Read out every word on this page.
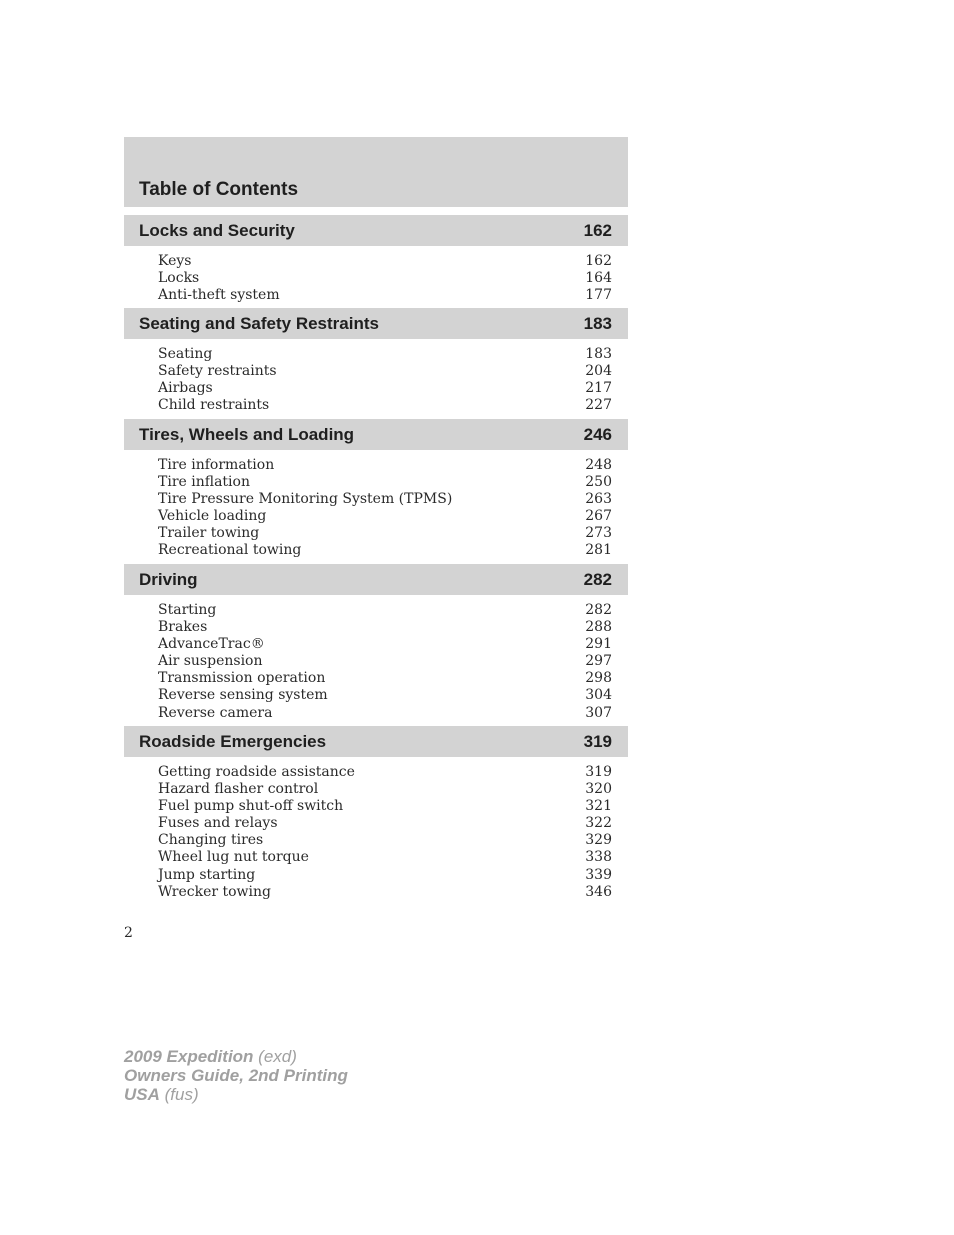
Table of Contents
Locks and Security	162
Keys	162
Locks	164
Anti-theft system	177
Seating and Safety Restraints	183
Seating	183
Safety restraints	204
Airbags	217
Child restraints	227
Tires, Wheels and Loading	246
Tire information	248
Tire inflation	250
Tire Pressure Monitoring System (TPMS)	263
Vehicle loading	267
Trailer towing	273
Recreational towing	281
Driving	282
Starting	282
Brakes	288
AdvanceTrac®	291
Air suspension	297
Transmission operation	298
Reverse sensing system	304
Reverse camera	307
Roadside Emergencies	319
Getting roadside assistance	319
Hazard flasher control	320
Fuel pump shut-off switch	321
Fuses and relays	322
Changing tires	329
Wheel lug nut torque	338
Jump starting	339
Wrecker towing	346
2
2009 Expedition (exd)
Owners Guide, 2nd Printing
USA (fus)
